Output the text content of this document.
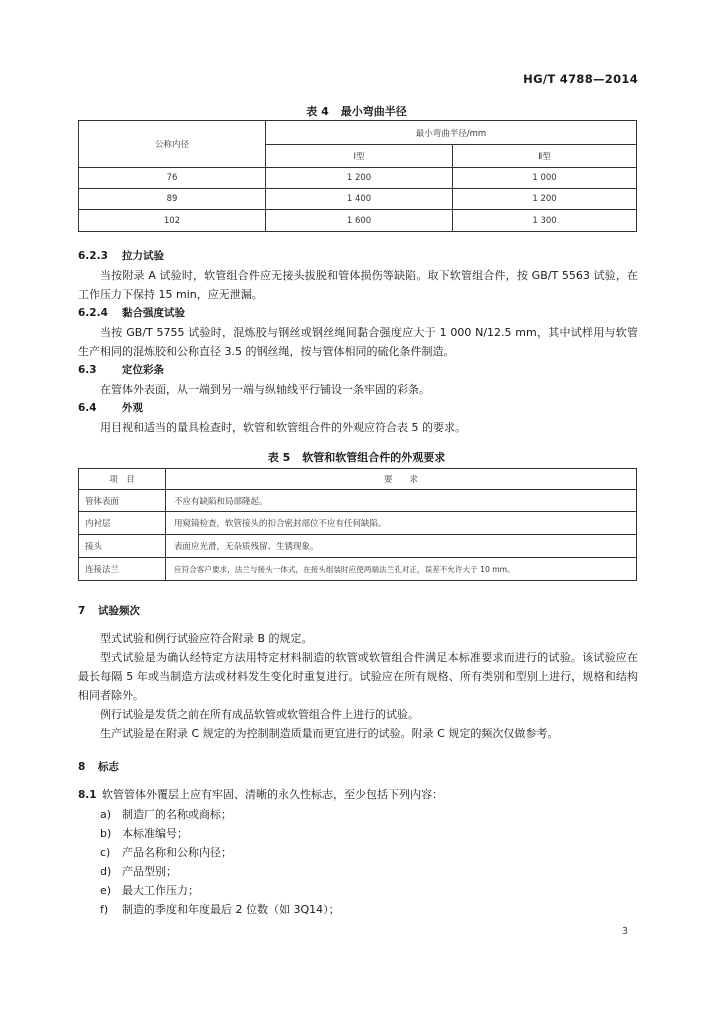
HG/T 4788—2014
表 4 最小弯曲半径
公称内径	最小弯曲半径/mm	
	Ⅰ型	Ⅱ型
76	1 200	1 000
89	1 400	1 200
102	1 600	1 300
6.2.3 拉力试验
当按附录 A 试验时，软管组合件应无接头拔脱和管体损伤等缺陷。取下软管组合件，按 GB/T 5563 试验，在工作压力下保持 15 min，应无泄漏。
6.2.4 黏合强度试验
当按 GB/T 5755 试验时，混炼胶与钢丝或钢丝绳间黏合强度应大于 1 000 N/12.5 mm，其中试样用与软管生产相同的混炼胶和公称直径 3.5 的钢丝绳，按与管体相同的硫化条件制造。
6.3 定位彩条
在管体外表面，从一端到另一端与纵轴线平行铺设一条牢固的彩条。
6.4 外观
用目视和适当的量具检查时，软管和软管组合件的外观应符合表 5 的要求。
表 5 软管和软管组合件的外观要求
项　目	要　　求
管体表面	不应有缺陷和局部隆起。
内衬层	用窥镜检查，软管接头的扣合密封部位不应有任何缺陷。
接头	表面应光滑，无杂质残留、生锈现象。
连接法兰	应符合客户要求，法兰与接头一体式，在接头组装时应使两端法兰孔对正，误差不允许大于 10 mm。
7 试验频次
型式试验和例行试验应符合附录 B 的规定。
型式试验是为确认经特定方法用特定材料制造的软管或软管组合件满足本标准要求而进行的试验。该试验应在最长每隔 5 年或当制造方法或材料发生变化时重复进行。试验应在所有规格、所有类别和型别上进行，规格和结构相同者除外。
例行试验是发货之前在所有成品软管或软管组合件上进行的试验。
生产试验是在附录 C 规定的为控制制造质量而更宜进行的试验。附录 C 规定的频次仅做参考。
8 标志
8.1 软管管体外覆层上应有牢固、清晰的永久性标志，至少包括下列内容：
a) 制造厂的名称或商标；
b) 本标准编号；
c) 产品名称和公称内径；
d) 产品型别；
e) 最大工作压力；
f) 制造的季度和年度最后 2 位数（如 3Q14）；
3
